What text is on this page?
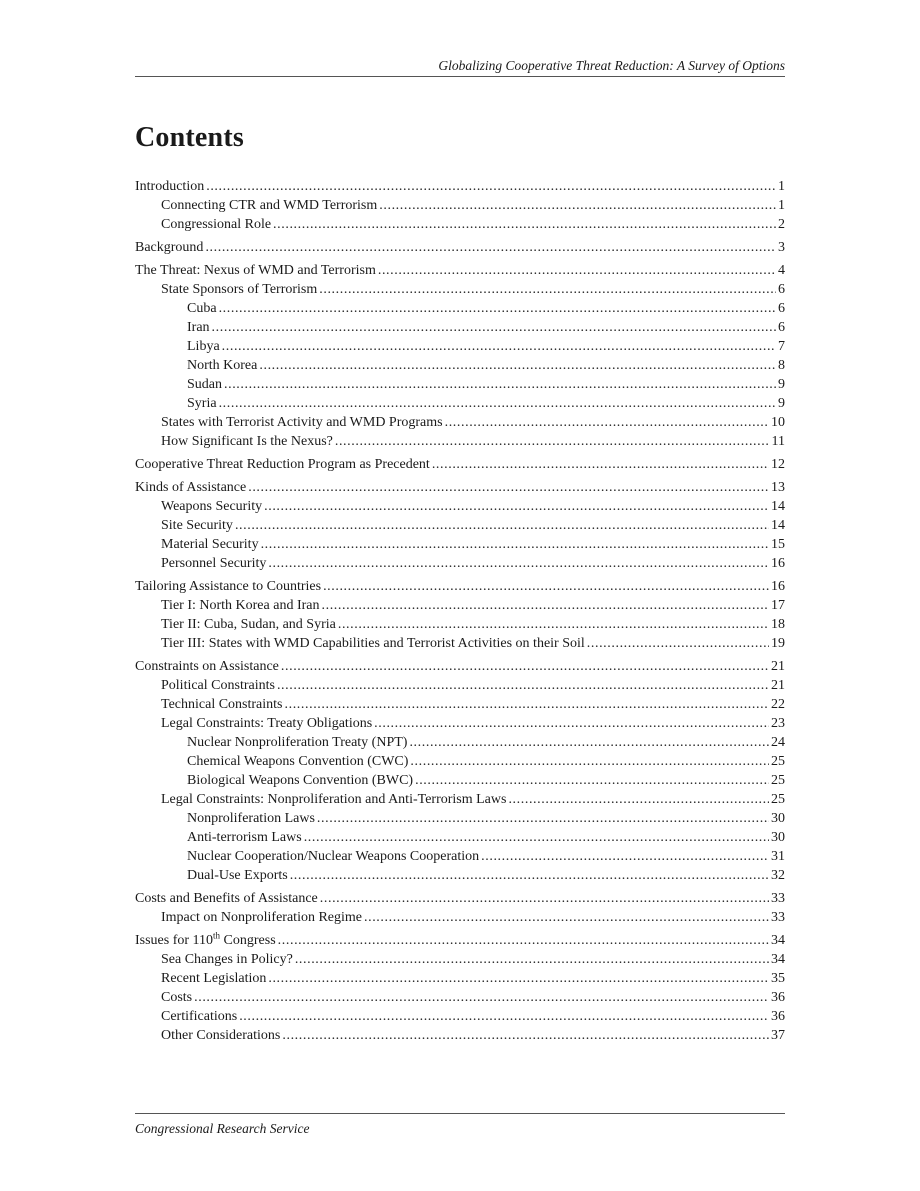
Globalizing Cooperative Threat Reduction: A Survey of Options
Contents
Introduction .....	1
Connecting CTR and WMD Terrorism .....	1
Congressional Role .....	2
Background .....	3
The Threat: Nexus of WMD and Terrorism .....	4
State Sponsors of Terrorism .....	6
Cuba .....	6
Iran .....	6
Libya .....	7
North Korea .....	8
Sudan .....	9
Syria .....	9
States with Terrorist Activity and WMD Programs .....	10
How Significant Is the Nexus? .....	11
Cooperative Threat Reduction Program as Precedent .....	12
Kinds of Assistance .....	13
Weapons Security .....	14
Site Security .....	14
Material Security .....	15
Personnel Security .....	16
Tailoring Assistance to Countries .....	16
Tier I: North Korea and Iran .....	17
Tier II: Cuba, Sudan, and Syria .....	18
Tier III: States with WMD Capabilities and Terrorist Activities on their Soil .....	19
Constraints on Assistance .....	21
Political Constraints .....	21
Technical Constraints .....	22
Legal Constraints: Treaty Obligations .....	23
Nuclear Nonproliferation Treaty (NPT) .....	24
Chemical Weapons Convention (CWC) .....	25
Biological Weapons Convention (BWC) .....	25
Legal Constraints: Nonproliferation and Anti-Terrorism Laws .....	25
Nonproliferation Laws .....	30
Anti-terrorism Laws .....	30
Nuclear Cooperation/Nuclear Weapons Cooperation .....	31
Dual-Use Exports .....	32
Costs and Benefits of Assistance .....	33
Impact on Nonproliferation Regime .....	33
Issues for 110th Congress .....	34
Sea Changes in Policy? .....	34
Recent Legislation .....	35
Costs .....	36
Certifications .....	36
Other Considerations .....	37
Congressional Research Service
